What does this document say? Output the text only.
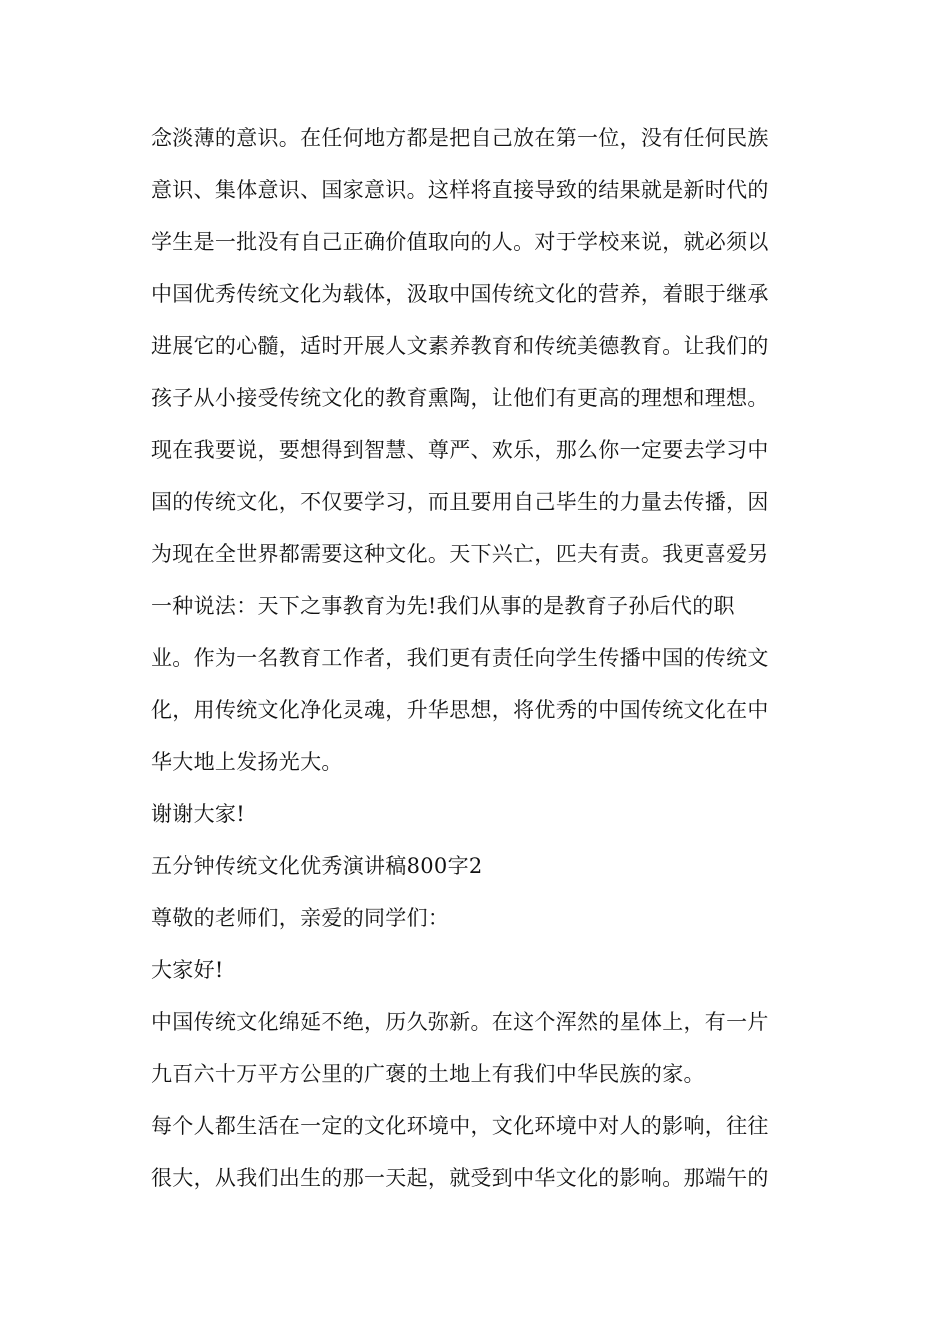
念淡薄的意识。在任何地方都是把自己放在第一位，没有任何民族
意识、集体意识、国家意识。这样将直接导致的结果就是新时代的
学生是一批没有自己正确价值取向的人。对于学校来说，就必须以
中国优秀传统文化为载体，汲取中国传统文化的营养，着眼于继承
进展它的心髓，适时开展人文素养教育和传统美德教育。让我们的
孩子从小接受传统文化的教育熏陶，让他们有更高的理想和理想。
现在我要说，要想得到智慧、尊严、欢乐，那么你一定要去学习中
国的传统文化，不仅要学习，而且要用自己毕生的力量去传播，因
为现在全世界都需要这种文化。天下兴亡，匹夫有责。我更喜爱另
一种说法：天下之事教育为先!我们从事的是教育子孙后代的职
业。作为一名教育工作者，我们更有责任向学生传播中国的传统文
化，用传统文化净化灵魂，升华思想，将优秀的中国传统文化在中
华大地上发扬光大。
谢谢大家!
五分钟传统文化优秀演讲稿800字2
尊敬的老师们，亲爱的同学们：
大家好!
中国传统文化绵延不绝，历久弥新。在这个浑然的星体上，有一片
九百六十万平方公里的广褒的土地上有我们中华民族的家。
每个人都生活在一定的文化环境中，文化环境中对人的影响，往往
很大，从我们出生的那一天起，就受到中华文化的影响。那端午的
